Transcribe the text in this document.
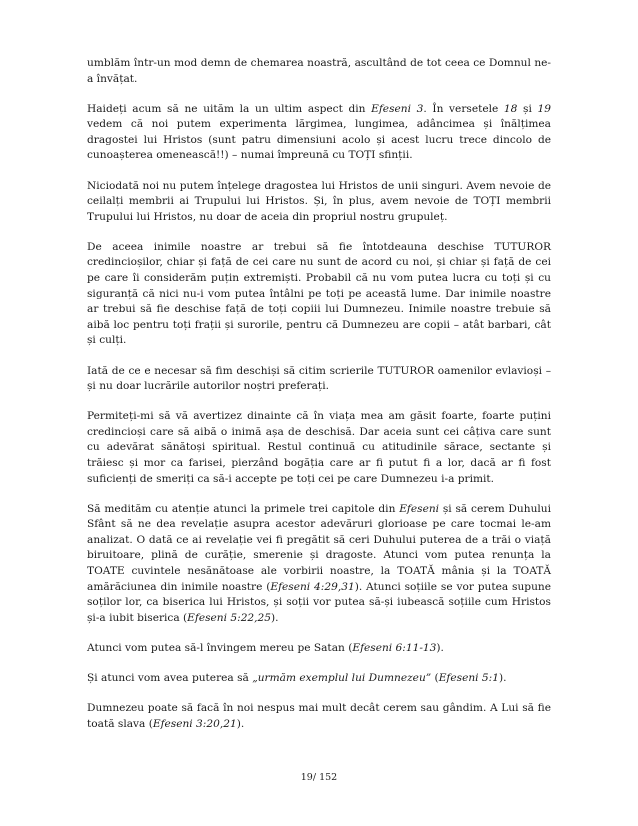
umblăm într-un mod demn de chemarea noastră, ascultând de tot ceea ce Domnul ne-a învățat.

Haideți acum să ne uităm la un ultim aspect din Efeseni 3. În versetele 18 și 19 vedem că noi putem experimenta lărgimea, lungimea, adâncimea și înălțimea dragostei lui Hristos (sunt patru dimensiuni acolo și acest lucru trece dincolo de cunoașterea omenească!!) – numai împreună cu TOȚI sfinții.

Niciodată noi nu putem înțelege dragostea lui Hristos de unii singuri. Avem nevoie de ceilalți membrii ai Trupului lui Hristos. Și, în plus, avem nevoie de TOȚI membrii Trupului lui Hristos, nu doar de aceia din propriul nostru grupuleț.

De aceea inimile noastre ar trebui să fie întotdeauna deschise TUTUROR credincioșilor, chiar și față de cei care nu sunt de acord cu noi, și chiar și față de cei pe care îi considerăm puțin extremiști. Probabil că nu vom putea lucra cu toți și cu siguranță că nici nu-i vom putea întâlni pe toți pe această lume. Dar inimile noastre ar trebui să fie deschise față de toți copiii lui Dumnezeu. Inimile noastre trebuie să aibă loc pentru toți frații și surorile, pentru că Dumnezeu are copii – atât barbari, cât și culți.

Iată de ce e necesar să fim deschiși să citim scrierile TUTUROR oamenilor evlavioși – și nu doar lucrările autorilor noștri preferați.

Permiteți-mi să vă avertizez dinainte că în viața mea am găsit foarte, foarte puțini credincioși care să aibă o inimă așa de deschisă. Dar aceia sunt cei câțiva care sunt cu adevărat sănătoși spiritual. Restul continuă cu atitudinile sărace, sectante și trăiesc și mor ca farisei, pierzând bogăția care ar fi putut fi a lor, dacă ar fi fost suficienți de smeriți ca să-i accepte pe toți cei pe care Dumnezeu i-a primit.

Să medităm cu atenție atunci la primele trei capitole din Efeseni și să cerem Duhului Sfânt să ne dea revelație asupra acestor adevăruri glorioase pe care tocmai le-am analizat. O dată ce ai revelație vei fi pregătit să ceri Duhului puterea de a trăi o viață biruitoare, plină de curăție, smerenie și dragoste. Atunci vom putea renunța la TOATE cuvintele nesănătoase ale vorbirii noastre, la TOATĂ mânia și la TOATĂ amărăciunea din inimile noastre (Efeseni 4:29,31). Atunci soțiile se vor putea supune soților lor, ca biserica lui Hristos, și soții vor putea să-și iubească soțiile cum Hristos și-a iubit biserica (Efeseni 5:22,25).

Atunci vom putea să-l învingem mereu pe Satan (Efeseni 6:11-13).

Și atunci vom avea puterea să „urmăm exemplul lui Dumnezeu” (Efeseni 5:1).

Dumnezeu poate să facă în noi nespus mai mult decât cerem sau gândim. A Lui să fie toată slava (Efeseni 3:20,21).

19/ 152
